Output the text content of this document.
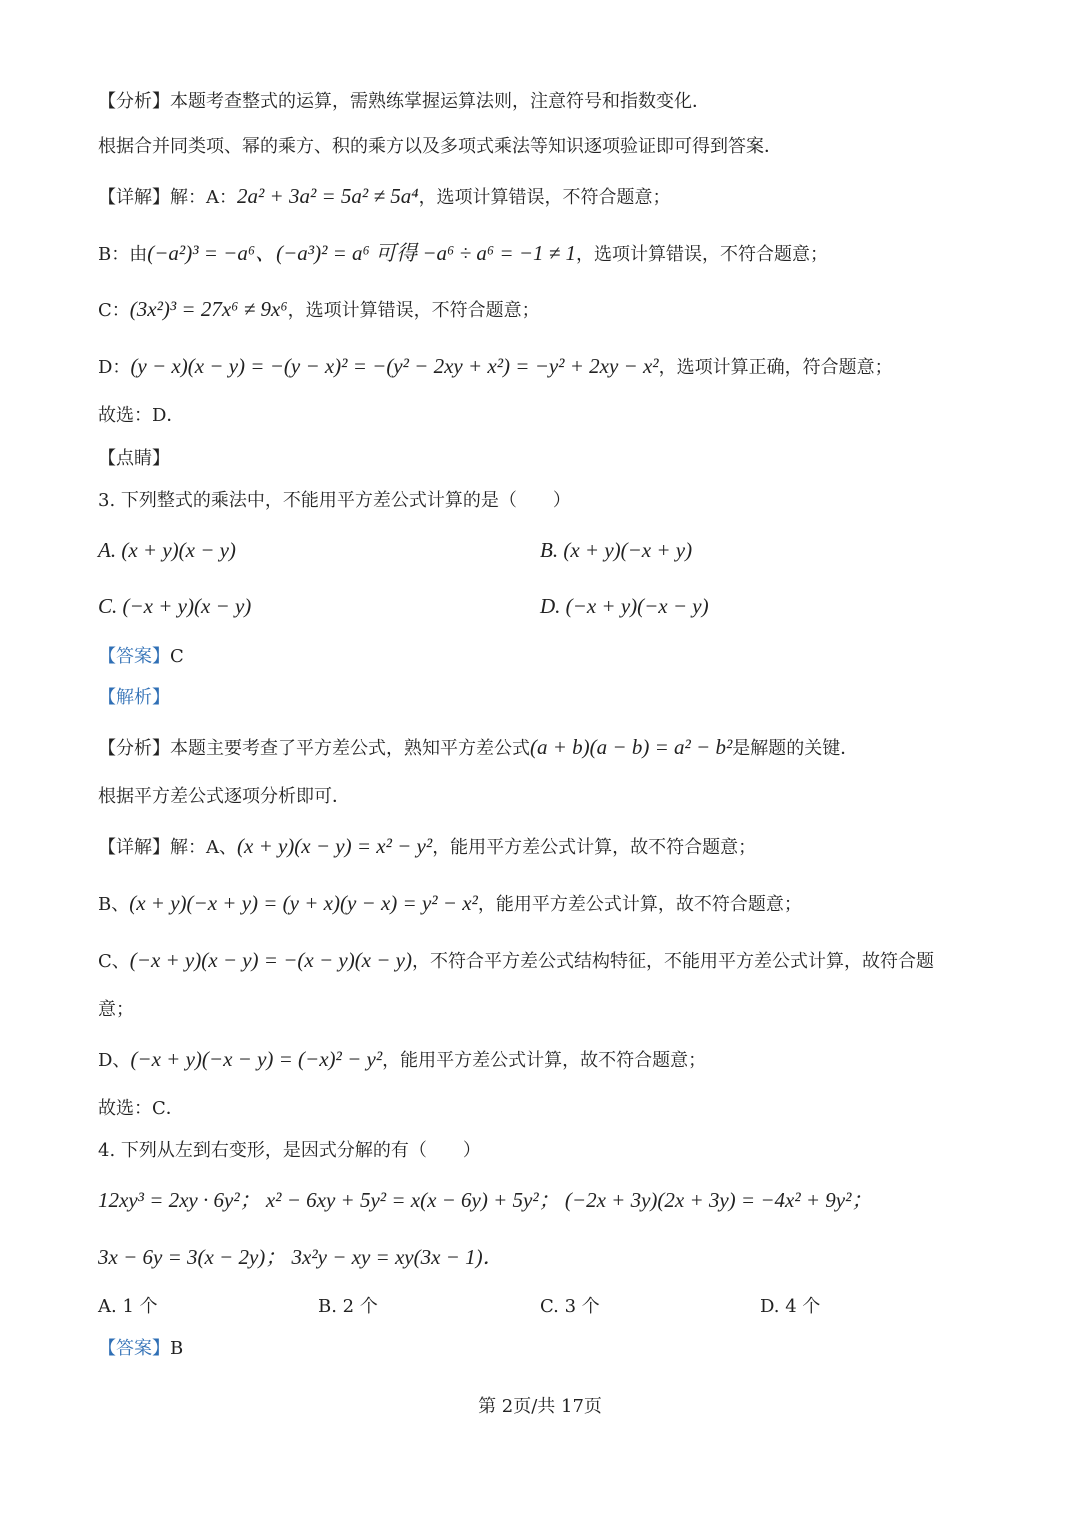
【分析】本题考查整式的运算，需熟练掌握运算法则，注意符号和指数变化．
根据合并同类项、幂的乘方、积的乘方以及多项式乘法等知识逐项验证即可得到答案．
【详解】解：A：2a² + 3a² = 5a² ≠ 5a⁴，选项计算错误，不符合题意；
B：由(−a²)³ = −a⁶、(−a³)² = a⁶ 可得 −a⁶ ÷ a⁶ = −1 ≠ 1，选项计算错误，不符合题意；
C：(3x²)³ = 27x⁶ ≠ 9x⁶，选项计算错误，不符合题意；
D：(y − x)(x − y) = −(y − x)² = −(y² − 2xy + x²) = −y² + 2xy − x²，选项计算正确，符合题意；
故选：D．
【点睛】
3. 下列整式的乘法中，不能用平方差公式计算的是（　　）
A. (x + y)(x − y)	B. (x + y)(−x + y)
C. (−x + y)(x − y)	D. (−x + y)(−x − y)
【答案】C
【解析】
【分析】本题主要考查了平方差公式，熟知平方差公式(a + b)(a − b) = a² − b²是解题的关键．
根据平方差公式逐项分析即可．
【详解】解：A、(x + y)(x − y) = x² − y²，能用平方差公式计算，故不符合题意；
B、(x + y)(−x + y) = (y + x)(y − x) = y² − x²，能用平方差公式计算，故不符合题意；
C、(−x + y)(x − y) = −(x − y)(x − y)，不符合平方差公式结构特征，不能用平方差公式计算，故符合题
意；
D、(−x + y)(−x − y) = (−x)² − y²，能用平方差公式计算，故不符合题意；
故选：C．
4. 下列从左到右变形，是因式分解的有（　　）
12xy³ = 2xy · 6y²； x² − 6xy + 5y² = x(x − 6y) + 5y²； (−2x + 3y)(2x + 3y) = −4x² + 9y²；
3x − 6y = 3(x − 2y)； 3x²y − xy = xy(3x − 1)．
A. 1 个	B. 2 个	C. 3 个	D. 4 个
【答案】B
第 2页/共 17页
